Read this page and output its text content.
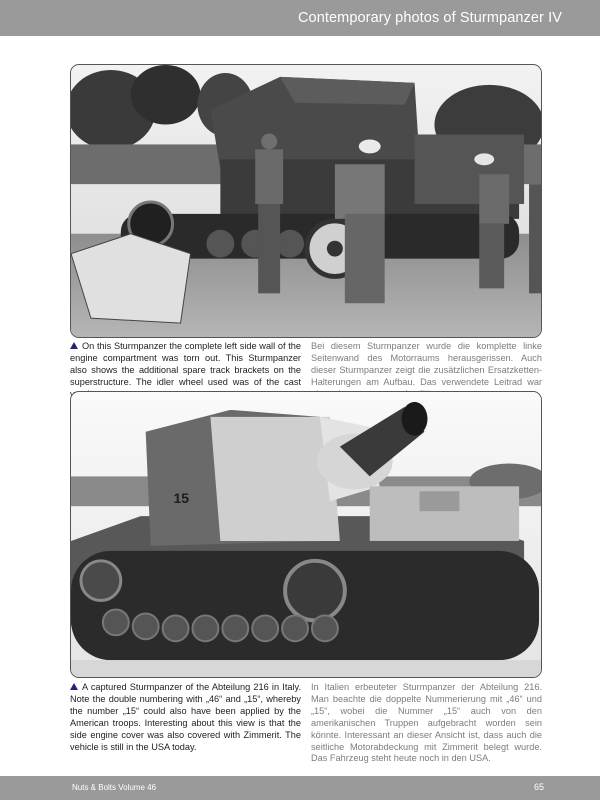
Contemporary photos of Sturmpanzer IV

On this Sturmpanzer the complete left side wall of the engine compartment was torn out. This Sturmpanzer also shows the additional spare track brackets on the superstructure. The idler wheel used was of the cast

Bei diesem Sturmpanzer wurde die komplette linke Seitenwand des Motorraums herausgerissen. Auch dieser Sturmpanzer zeigt die zusätzlichen Ersatzketten-Halterungen am Aufbau. Das verwendete Leitrad war

15

A captured Sturmpanzer of the Abteilung 216 in Italy. Note the double numbering with „46“ and „15“, whereby the number „15“ could also have been applied by the American troops. Interesting about this view is that the side engine cover was also covered with Zimmerit. The vehicle is still in the USA today.

In Italien erbeuteter Sturmpanzer der Abteilung 216. Man beachte die doppelte Nummerierung mit „46“ und „15“, wobei die Nummer „15“ auch von den amerikanischen Truppen aufgebracht worden sein könnte. Interessant an dieser Ansicht ist, dass auch die seitliche Motorabdeckung mit Zimmerit belegt wurde. Das Fahrzeug steht heute noch in den USA.

Nuts & Bolts Volume 46	65
